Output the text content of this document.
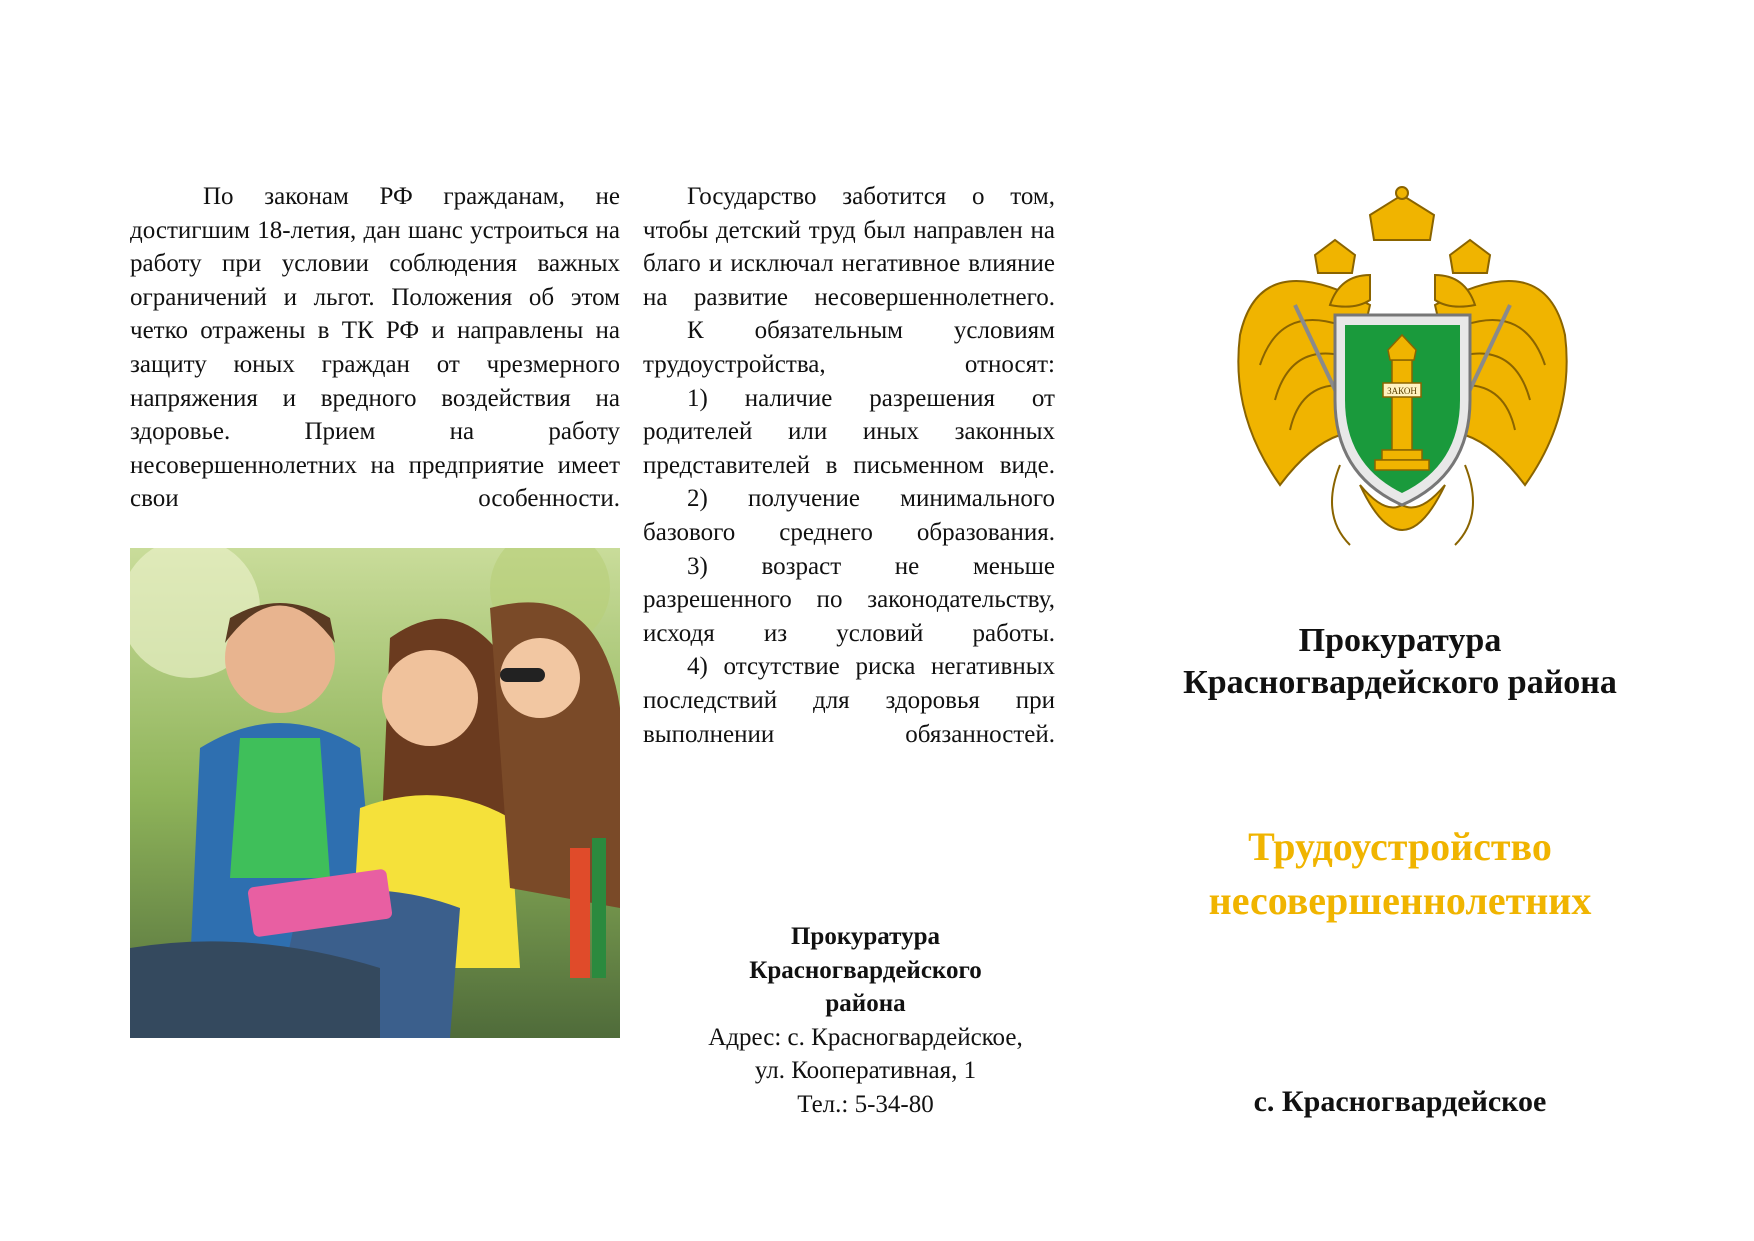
По законам РФ гражданам, не достигшим 18-летия, дан шанс устроиться на работу при условии соблюдения важных ограничений и льгот. Положения об этом четко отражены в ТК РФ и направлены на защиту юных граждан от чрезмерного напряжения и вредного воздействия на здоровье. Прием на работу несовершеннолетних на предприятие имеет свои особенности.

Государство заботится о том, чтобы детский труд был направлен на благо и исключал негативное влияние на развитие несовершеннолетнего.

К обязательным условиям трудоустройства, относят:

1) наличие разрешения от родителей или иных законных представителей в письменном виде.

2) получение минимального базового среднего образования.

3) возраст не меньше разрешенного по законодательству, исходя из условий работы.

4) отсутствие риска негативных последствий для здоровья при выполнении обязанностей.

Прокуратура
Красногвардейского
района
Адрес: с. Красногвардейское,
ул. Кооперативная, 1
Тел.: 5-34-80
ЗАКОН
Прокуратура
Красногвардейского района
Трудоустройство
несовершеннолетних
с. Красногвардейское
